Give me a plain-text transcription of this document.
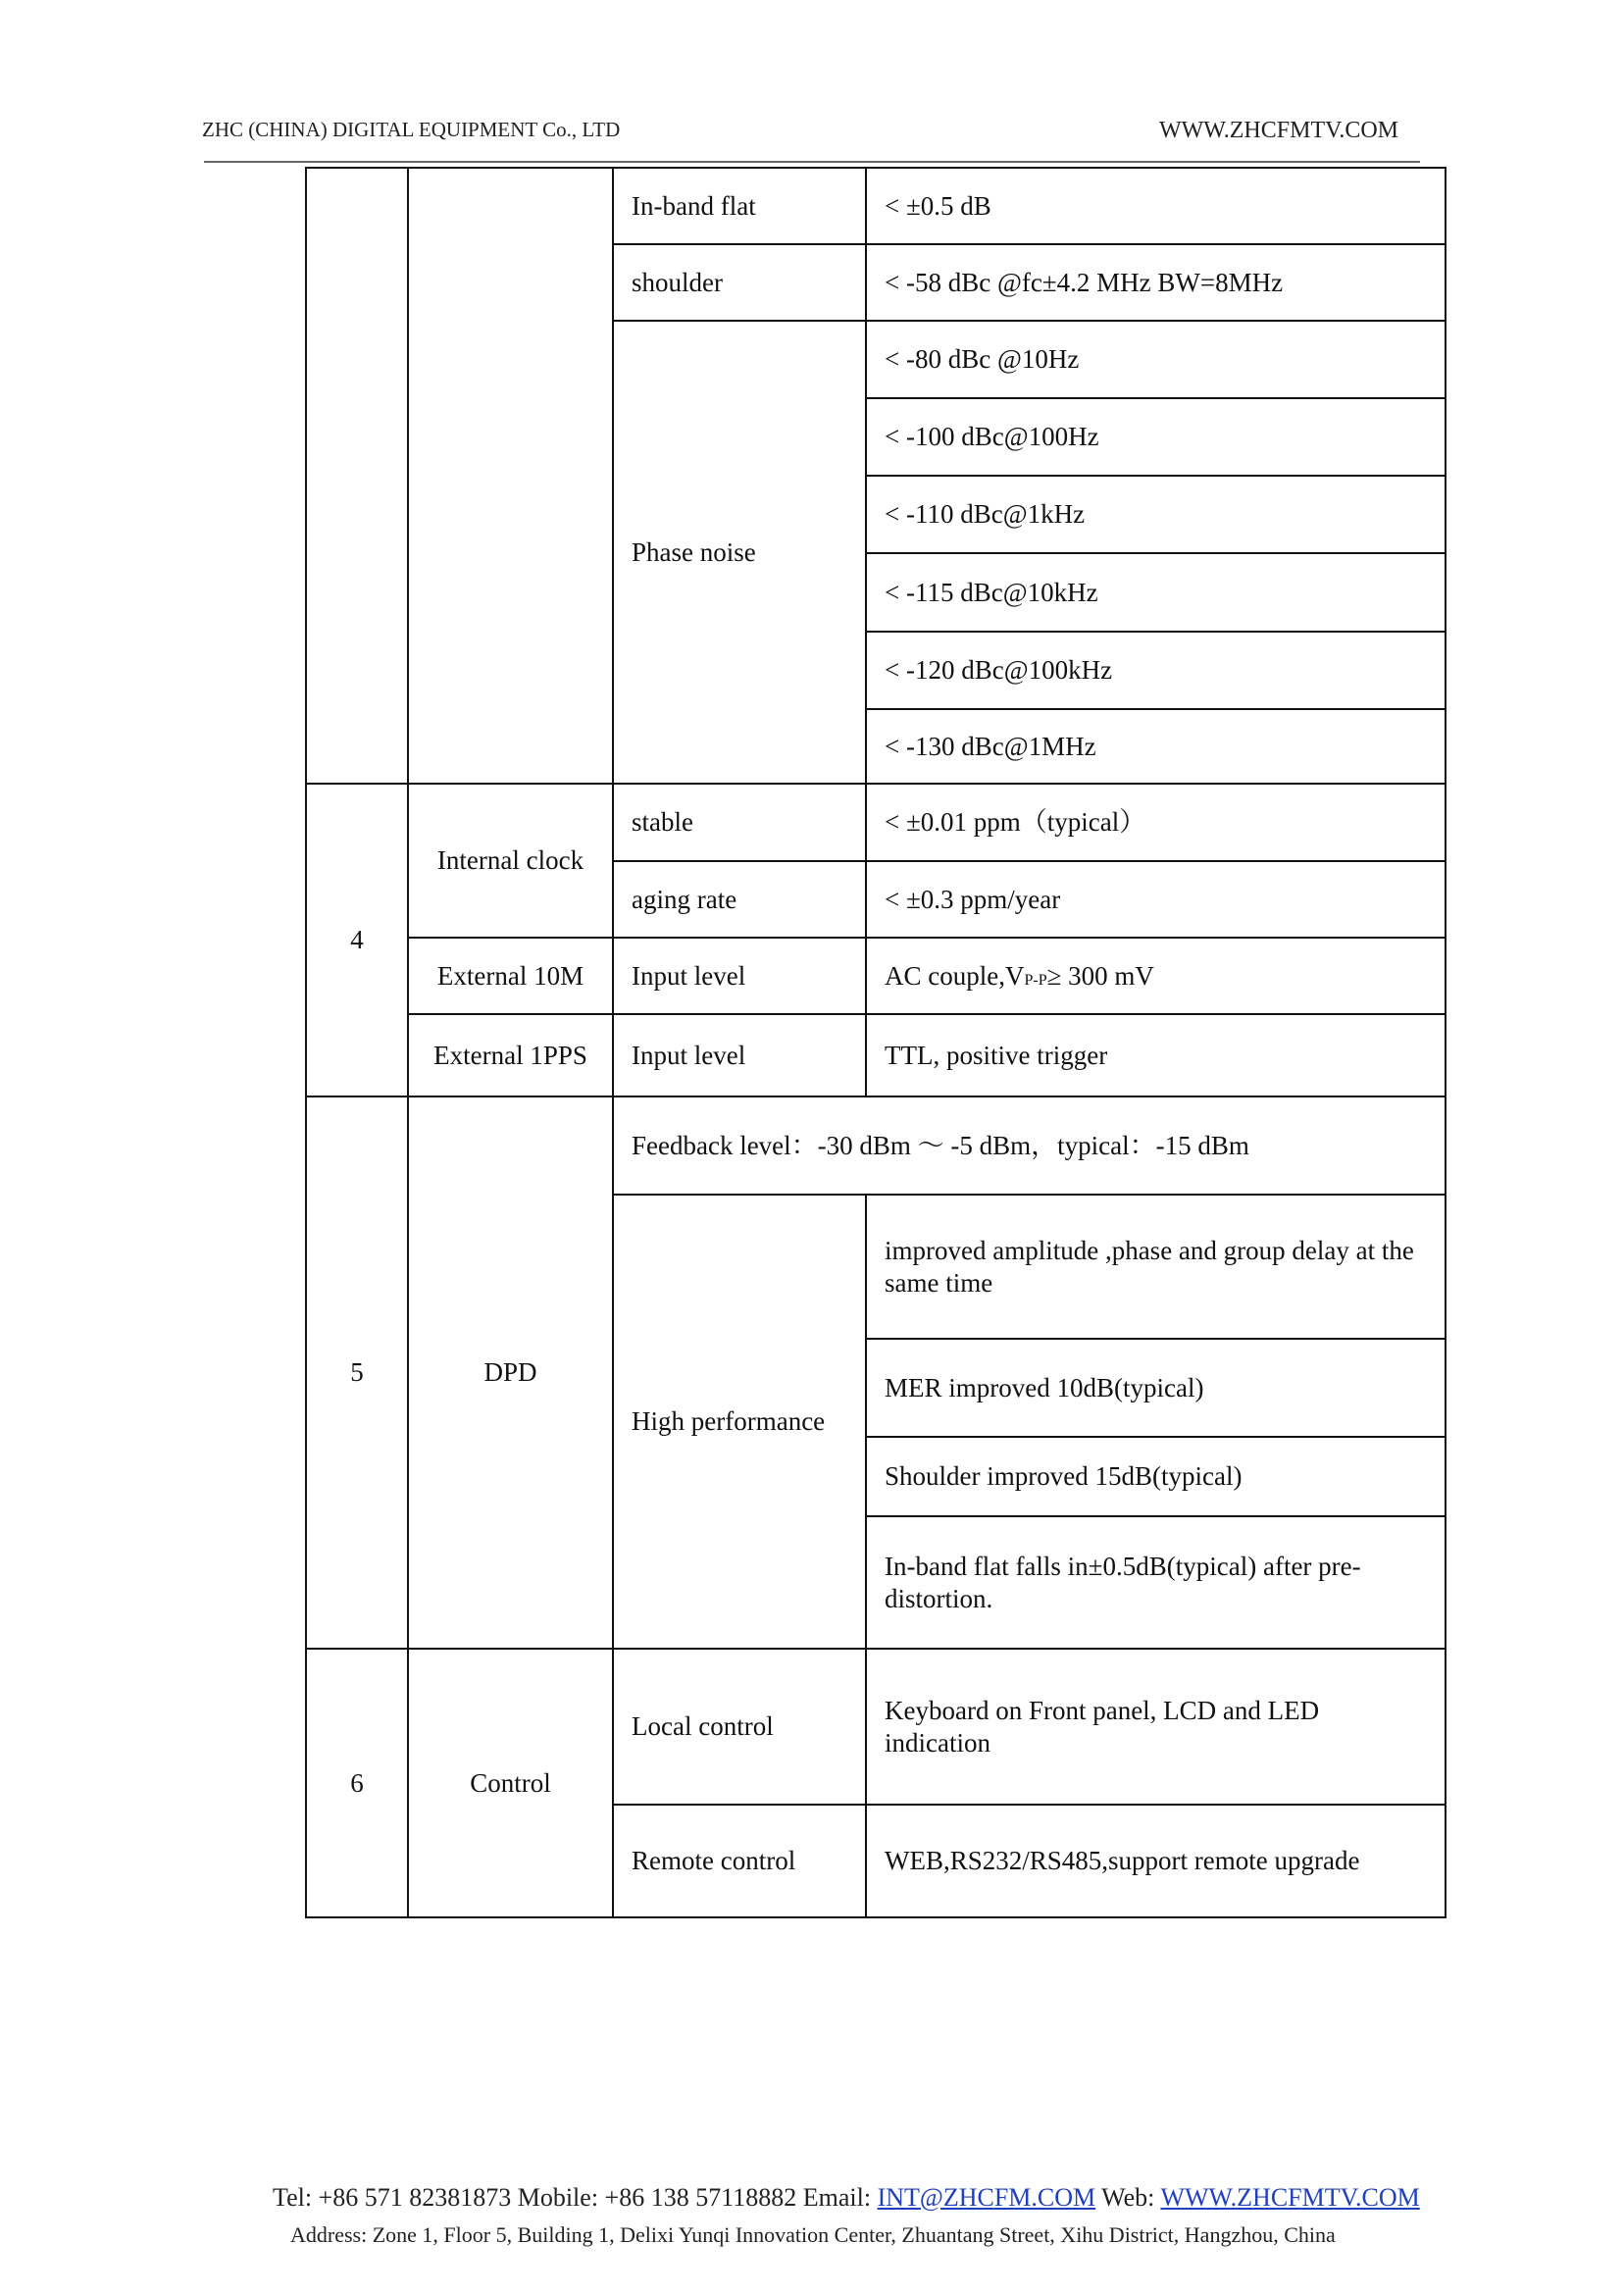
ZHC (CHINA) DIGITAL EQUIPMENT Co., LTD	WWW.ZHCFMTV.COM
		In-band flat	< ±0.5 dB
		shoulder	< -58 dBc @fc±4.2 MHz BW=8MHz
		Phase noise	< -80 dBc @10Hz
			< -100 dBc@100Hz
			< -110 dBc@1kHz
			< -115 dBc@10kHz
			< -120 dBc@100kHz
			< -130 dBc@1MHz
4	Internal clock	stable	< ±0.01 ppm（typical）
		aging rate	< ±0.3 ppm/year
	External 10M	Input level	AC couple,VP-P≥ 300 mV
	External 1PPS	Input level	TTL, positive trigger
5	DPD	Feedback level：-30 dBm ～ -5 dBm，typical：-15 dBm	
		High performance	improved amplitude ,phase and group delay at the same time
			MER improved 10dB(typical)
			Shoulder improved 15dB(typical)
			In-band flat falls in±0.5dB(typical) after pre-distortion.
6	Control	Local control	Keyboard on Front panel, LCD and LED indication
		Remote control	WEB,RS232/RS485,support remote upgrade
Tel: +86 571 82381873 Mobile: +86 138 57118882 Email: INT@ZHCFM.COM Web: WWW.ZHCFMTV.COM
Address: Zone 1, Floor 5, Building 1, Delixi Yunqi Innovation Center, Zhuantang Street, Xihu District, Hangzhou, China
